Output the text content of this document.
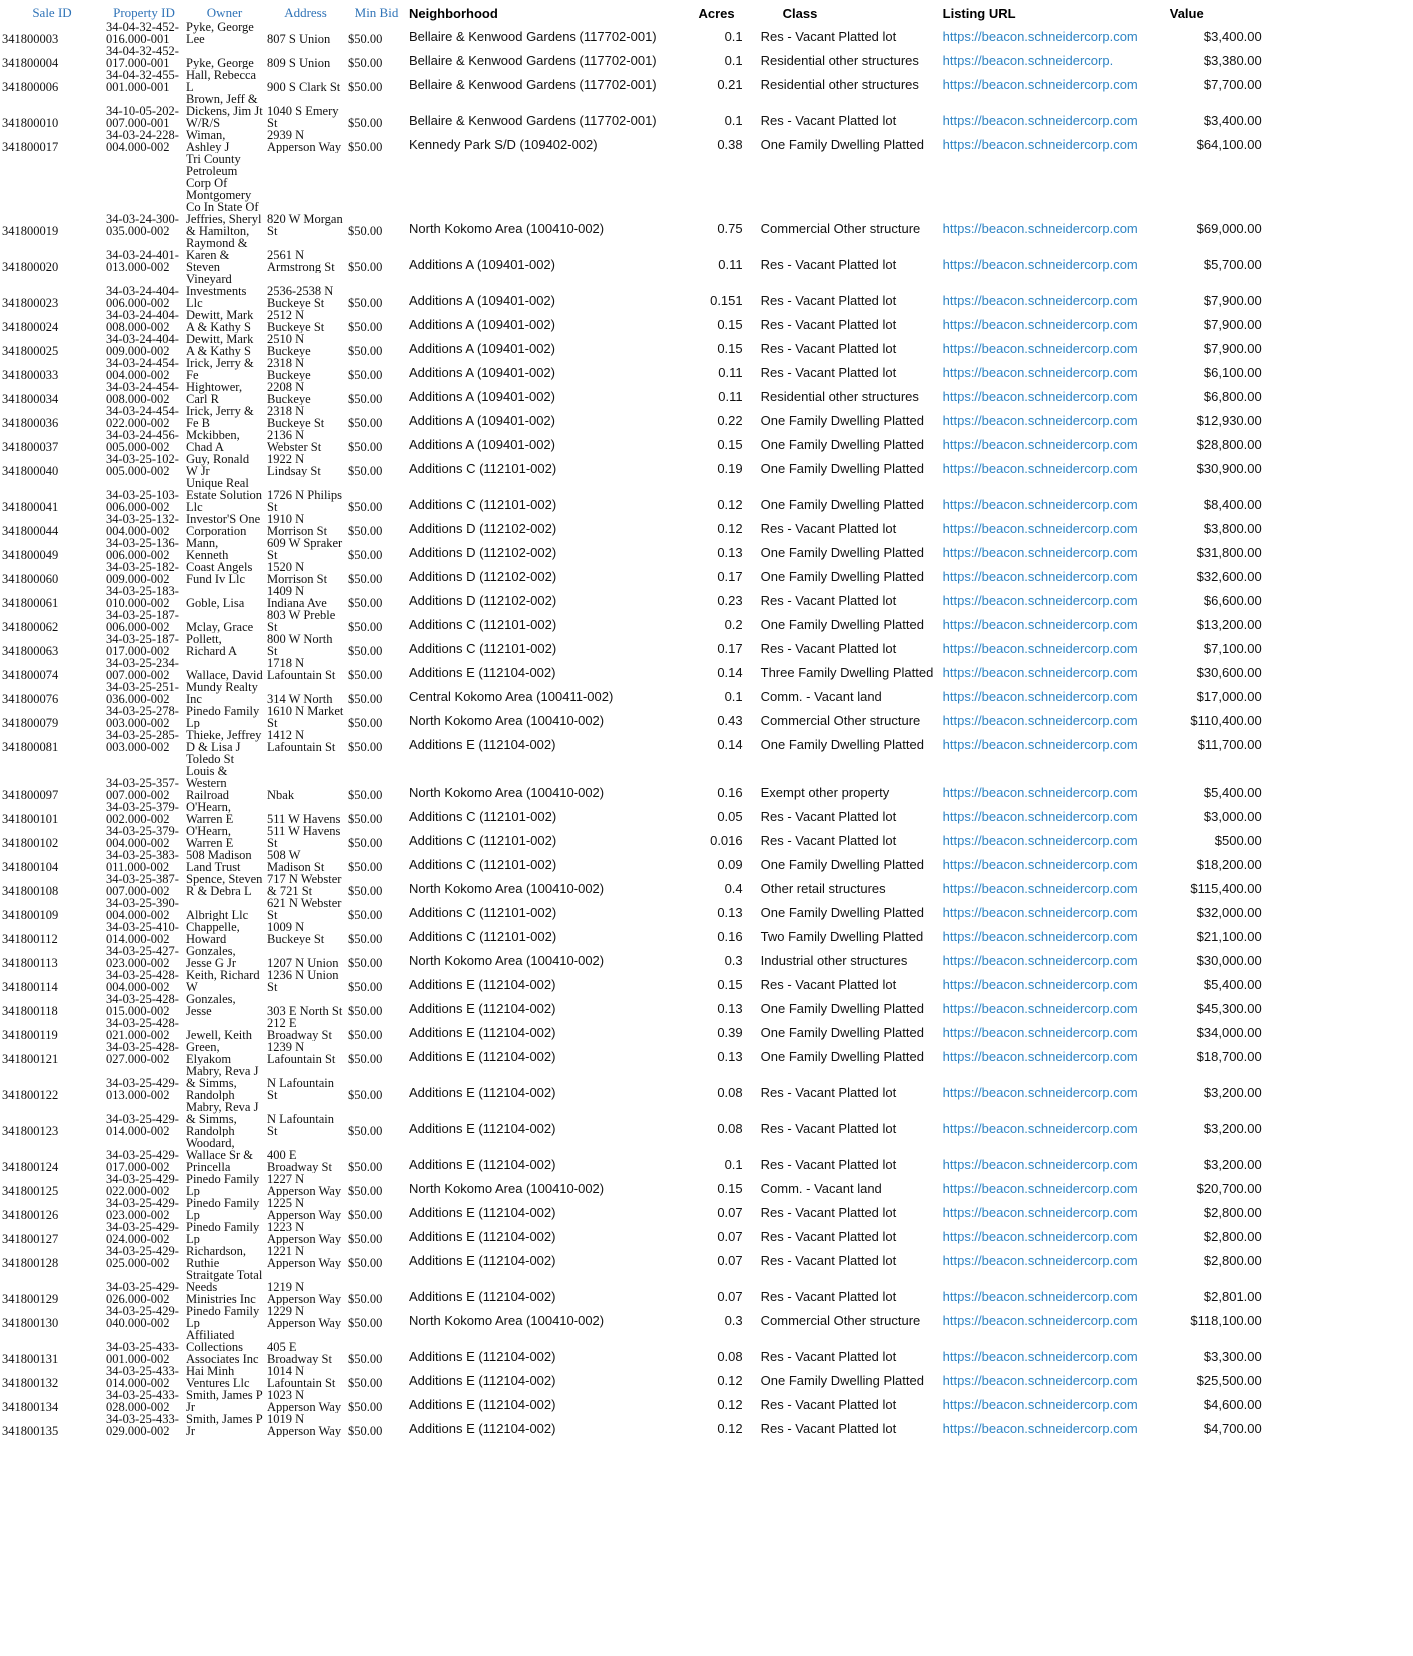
Sale ID	Property ID	Owner	Address	Min Bid	Neighborhood	Acres		Class	Listing URL	Value
341800003	34-04-32-452-016.000-001	Pyke, George Lee	807 S Union	$50.00	Bellaire & Kenwood Gardens (117702-001)	0.1		Res - Vacant Platted lot	https://beacon.schneidercorp.com	$3,400.00
341800004	34-04-32-452-017.000-001	Pyke, George	809 S Union	$50.00	Bellaire & Kenwood Gardens (117702-001)	0.1		Residential other structures	https://beacon.schneidercorp.	$3,380.00
341800006	34-04-32-455-001.000-001	Hall, Rebecca L	900 S Clark St	$50.00	Bellaire & Kenwood Gardens (117702-001)	0.21		Residential other structures	https://beacon.schneidercorp.com	$7,700.00
341800010	34-10-05-202-007.000-001	Brown, Jeff & Dickens, Jim Jt W/R/S	1040 S Emery St	$50.00	Bellaire & Kenwood Gardens (117702-001)	0.1		Res - Vacant Platted lot	https://beacon.schneidercorp.com	$3,400.00
341800017	34-03-24-228-004.000-002	Wiman, Ashley J	2939 N Apperson Way	$50.00	Kennedy Park S/D (109402-002)	0.38		One Family Dwelling Platted	https://beacon.schneidercorp.com	$64,100.00
341800019	34-03-24-300-035.000-002	Tri County Petroleum Corp Of Montgomery Co In State Of Jeffries, Sheryl & Hamilton,	820 W Morgan St	$50.00	North Kokomo Area (100410-002)	0.75		Commercial Other structure	https://beacon.schneidercorp.com	$69,000.00
341800020	34-03-24-401-013.000-002	Raymond & Karen & Steven	2561 N Armstrong St	$50.00	Additions A (109401-002)	0.11		Res - Vacant Platted lot	https://beacon.schneidercorp.com	$5,700.00
341800023	34-03-24-404-006.000-002	Vineyard Investments Llc	2536-2538 N Buckeye St	$50.00	Additions A (109401-002)	0.151		Res - Vacant Platted lot	https://beacon.schneidercorp.com	$7,900.00
341800024	34-03-24-404-008.000-002	Dewitt, Mark A & Kathy S	2512 N Buckeye St	$50.00	Additions A (109401-002)	0.15		Res - Vacant Platted lot	https://beacon.schneidercorp.com	$7,900.00
341800025	34-03-24-404-009.000-002	Dewitt, Mark A & Kathy S	2510 N Buckeye	$50.00	Additions A (109401-002)	0.15		Res - Vacant Platted lot	https://beacon.schneidercorp.com	$7,900.00
341800033	34-03-24-454-004.000-002	Irick, Jerry & Fe	2318 N Buckeye	$50.00	Additions A (109401-002)	0.11		Res - Vacant Platted lot	https://beacon.schneidercorp.com	$6,100.00
341800034	34-03-24-454-008.000-002	Hightower, Carl R	2208 N Buckeye	$50.00	Additions A (109401-002)	0.11		Residential other structures	https://beacon.schneidercorp.com	$6,800.00
341800036	34-03-24-454-022.000-002	Irick, Jerry & Fe B	2318 N Buckeye St	$50.00	Additions A (109401-002)	0.22		One Family Dwelling Platted	https://beacon.schneidercorp.com	$12,930.00
341800037	34-03-24-456-005.000-002	Mckibben, Chad A	2136 N Webster St	$50.00	Additions A (109401-002)	0.15		One Family Dwelling Platted	https://beacon.schneidercorp.com	$28,800.00
341800040	34-03-25-102-005.000-002	Guy, Ronald W Jr	1922 N Lindsay St	$50.00	Additions C (112101-002)	0.19		One Family Dwelling Platted	https://beacon.schneidercorp.com	$30,900.00
341800041	34-03-25-103-006.000-002	Unique Real Estate Solution Llc	1726 N Philips St	$50.00	Additions C (112101-002)	0.12		One Family Dwelling Platted	https://beacon.schneidercorp.com	$8,400.00
341800044	34-03-25-132-004.000-002	Investor'S One Corporation	1910 N Morrison St	$50.00	Additions D (112102-002)	0.12		Res - Vacant Platted lot	https://beacon.schneidercorp.com	$3,800.00
341800049	34-03-25-136-006.000-002	Mann, Kenneth	609 W Spraker St	$50.00	Additions D (112102-002)	0.13		One Family Dwelling Platted	https://beacon.schneidercorp.com	$31,800.00
341800060	34-03-25-182-009.000-002	Coast Angels Fund Iv Llc	1520 N Morrison St	$50.00	Additions D (112102-002)	0.17		One Family Dwelling Platted	https://beacon.schneidercorp.com	$32,600.00
341800061	34-03-25-183-010.000-002	Goble, Lisa	1409 N Indiana Ave	$50.00	Additions D (112102-002)	0.23		Res - Vacant Platted lot	https://beacon.schneidercorp.com	$6,600.00
341800062	34-03-25-187-006.000-002	Mclay, Grace	803 W Preble St	$50.00	Additions C (112101-002)	0.2		One Family Dwelling Platted	https://beacon.schneidercorp.com	$13,200.00
341800063	34-03-25-187-017.000-002	Pollett, Richard A	800 W North St	$50.00	Additions C (112101-002)	0.17		Res - Vacant Platted lot	https://beacon.schneidercorp.com	$7,100.00
341800074	34-03-25-234-007.000-002	Wallace, David	1718 N Lafountain St	$50.00	Additions E (112104-002)	0.14		Three Family Dwelling Platted	https://beacon.schneidercorp.com	$30,600.00
341800076	34-03-25-251-036.000-002	Mundy Realty Inc	314 W North	$50.00	Central Kokomo Area (100411-002)	0.1		Comm. - Vacant land	https://beacon.schneidercorp.com	$17,000.00
341800079	34-03-25-278-003.000-002	Pinedo Family Lp	1610 N Market St	$50.00	North Kokomo Area (100410-002)	0.43		Commercial Other structure	https://beacon.schneidercorp.com	$110,400.00
341800081	34-03-25-285-003.000-002	Thieke, Jeffrey D & Lisa J	1412 N Lafountain St	$50.00	Additions E (112104-002)	0.14		One Family Dwelling Platted	https://beacon.schneidercorp.com	$11,700.00
341800097	34-03-25-357-007.000-002	Toledo St Louis & Western Railroad	Nbak	$50.00	North Kokomo Area (100410-002)	0.16		Exempt other property	https://beacon.schneidercorp.com	$5,400.00
341800101	34-03-25-379-002.000-002	O'Hearn, Warren E	511 W Havens	$50.00	Additions C (112101-002)	0.05		Res - Vacant Platted lot	https://beacon.schneidercorp.com	$3,000.00
341800102	34-03-25-379-004.000-002	O'Hearn, Warren E	511 W Havens St	$50.00	Additions C (112101-002)	0.016		Res - Vacant Platted lot	https://beacon.schneidercorp.com	$500.00
341800104	34-03-25-383-011.000-002	508 Madison Land Trust	508 W Madison St	$50.00	Additions C (112101-002)	0.09		One Family Dwelling Platted	https://beacon.schneidercorp.com	$18,200.00
341800108	34-03-25-387-007.000-002	Spence, Steven R & Debra L	717 N Webster & 721 St	$50.00	North Kokomo Area (100410-002)	0.4		Other retail structures	https://beacon.schneidercorp.com	$115,400.00
341800109	34-03-25-390-004.000-002	Albright Llc	621 N Webster St	$50.00	Additions C (112101-002)	0.13		One Family Dwelling Platted	https://beacon.schneidercorp.com	$32,000.00
341800112	34-03-25-410-014.000-002	Chappelle, Howard	1009 N Buckeye St	$50.00	Additions C (112101-002)	0.16		Two Family Dwelling Platted	https://beacon.schneidercorp.com	$21,100.00
341800113	34-03-25-427-023.000-002	Gonzales, Jesse G Jr	1207 N Union	$50.00	North Kokomo Area (100410-002)	0.3		Industrial other structures	https://beacon.schneidercorp.com	$30,000.00
341800114	34-03-25-428-004.000-002	Keith, Richard W	1236 N Union St	$50.00	Additions E (112104-002)	0.15		Res - Vacant Platted lot	https://beacon.schneidercorp.com	$5,400.00
341800118	34-03-25-428-015.000-002	Gonzales, Jesse	303 E North St	$50.00	Additions E (112104-002)	0.13		One Family Dwelling Platted	https://beacon.schneidercorp.com	$45,300.00
341800119	34-03-25-428-021.000-002	Jewell, Keith	212 E Broadway St	$50.00	Additions E (112104-002)	0.39		One Family Dwelling Platted	https://beacon.schneidercorp.com	$34,000.00
341800121	34-03-25-428-027.000-002	Green, Elyakom	1239 N Lafountain St	$50.00	Additions E (112104-002)	0.13		One Family Dwelling Platted	https://beacon.schneidercorp.com	$18,700.00
341800122	34-03-25-429-013.000-002	Mabry, Reva J & Simms, Randolph	N Lafountain St	$50.00	Additions E (112104-002)	0.08		Res - Vacant Platted lot	https://beacon.schneidercorp.com	$3,200.00
341800123	34-03-25-429-014.000-002	Mabry, Reva J & Simms, Randolph	N Lafountain St	$50.00	Additions E (112104-002)	0.08		Res - Vacant Platted lot	https://beacon.schneidercorp.com	$3,200.00
341800124	34-03-25-429-017.000-002	Woodard, Wallace Sr & Princella	400 E Broadway St	$50.00	Additions E (112104-002)	0.1		Res - Vacant Platted lot	https://beacon.schneidercorp.com	$3,200.00
341800125	34-03-25-429-022.000-002	Pinedo Family Lp	1227 N Apperson Way	$50.00	North Kokomo Area (100410-002)	0.15		Comm. - Vacant land	https://beacon.schneidercorp.com	$20,700.00
341800126	34-03-25-429-023.000-002	Pinedo Family Lp	1225 N Apperson Way	$50.00	Additions E (112104-002)	0.07		Res - Vacant Platted lot	https://beacon.schneidercorp.com	$2,800.00
341800127	34-03-25-429-024.000-002	Pinedo Family Lp	1223 N Apperson Way	$50.00	Additions E (112104-002)	0.07		Res - Vacant Platted lot	https://beacon.schneidercorp.com	$2,800.00
341800128	34-03-25-429-025.000-002	Richardson, Ruthie	1221 N Apperson Way	$50.00	Additions E (112104-002)	0.07		Res - Vacant Platted lot	https://beacon.schneidercorp.com	$2,800.00
341800129	34-03-25-429-026.000-002	Straitgate Total Needs Ministries Inc	1219 N Apperson Way	$50.00	Additions E (112104-002)	0.07		Res - Vacant Platted lot	https://beacon.schneidercorp.com	$2,801.00
341800130	34-03-25-429-040.000-002	Pinedo Family Lp	1229 N Apperson Way	$50.00	North Kokomo Area (100410-002)	0.3		Commercial Other structure	https://beacon.schneidercorp.com	$118,100.00
341800131	34-03-25-433-001.000-002	Affiliated Collections Associates Inc	405 E Broadway St	$50.00	Additions E (112104-002)	0.08		Res - Vacant Platted lot	https://beacon.schneidercorp.com	$3,300.00
341800132	34-03-25-433-014.000-002	Hai Minh Ventures Llc	1014 N Lafountain St	$50.00	Additions E (112104-002)	0.12		One Family Dwelling Platted	https://beacon.schneidercorp.com	$25,500.00
341800134	34-03-25-433-028.000-002	Smith, James P Jr	1023 N Apperson Way	$50.00	Additions E (112104-002)	0.12		Res - Vacant Platted lot	https://beacon.schneidercorp.com	$4,600.00
341800135	34-03-25-433-029.000-002	Smith, James P Jr	1019 N Apperson Way	$50.00	Additions E (112104-002)	0.12		Res - Vacant Platted lot	https://beacon.schneidercorp.com	$4,700.00
